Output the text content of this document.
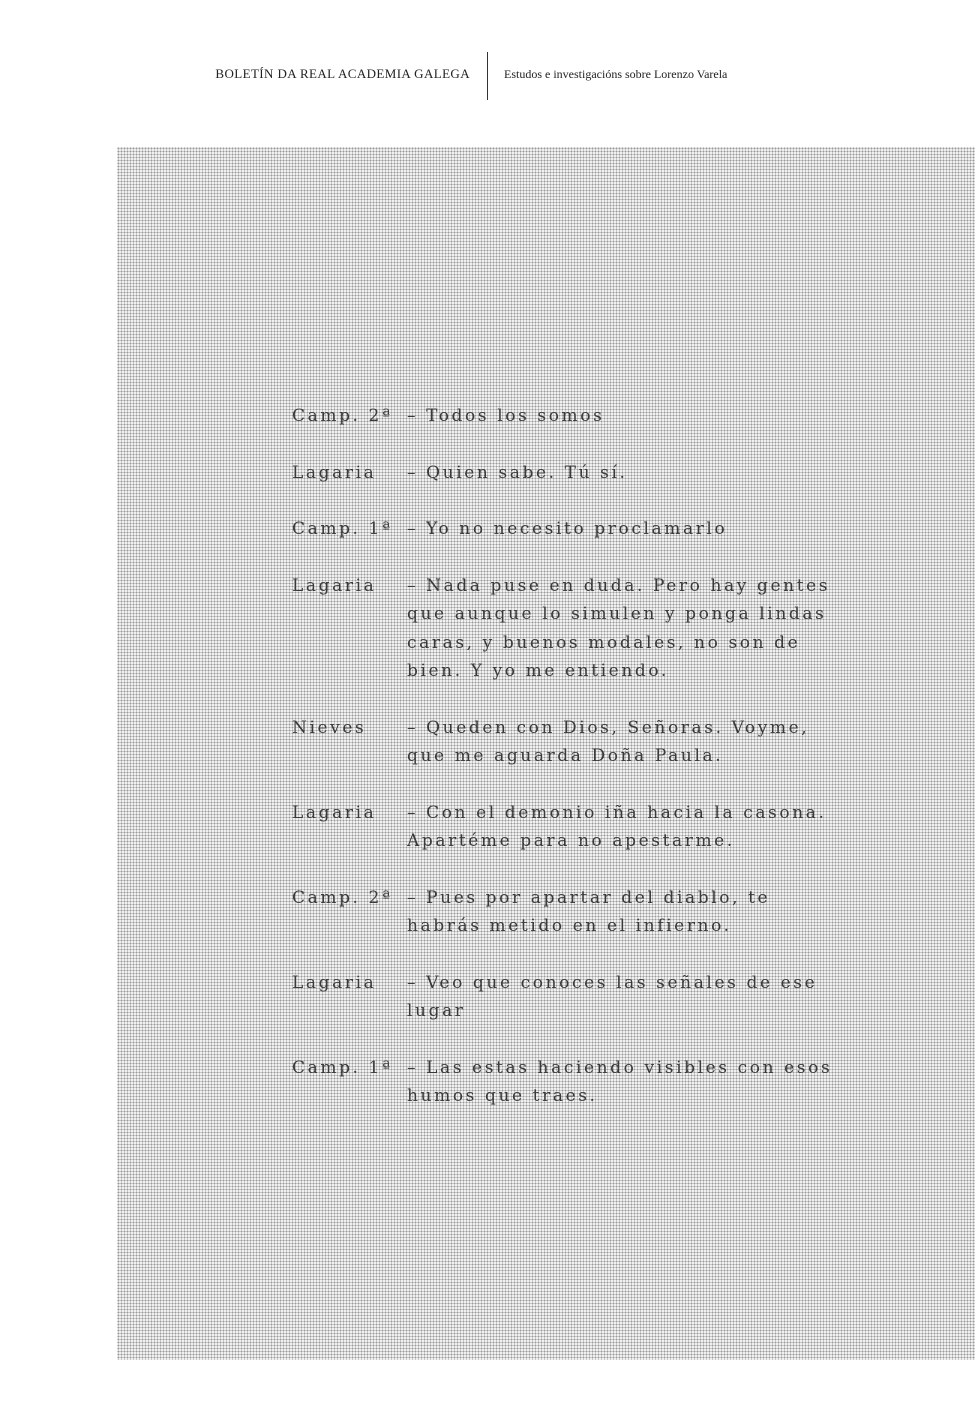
BOLETÍN DA REAL ACADEMIA GALEGA	Estudos e investigacións sobre Lorenzo Varela
Camp. 2ª – Todos los somos
Lagaria	– Quien sabe. Tú sí.
Camp. 1ª – Yo no necesito proclamarlo
Lagaria	– Nada puse en duda. Pero hay gentes que aunque lo simulen y ponga lindas caras, y buenos modales, no son de bien. Y yo me entiendo.
Nieves	– Queden con Dios, Señoras. Voyme, que me aguarda Doña Paula.
Lagaria	– Con el demonio iña hacia la casona. Apartéme para no apestarme.
Camp. 2ª – Pues por apartar del diablo, te habrás metido en el infierno.
Lagaria	– Veo que conoces las señales de ese lugar
Camp. 1ª – Las estas haciendo visibles con esos humos que traes.
